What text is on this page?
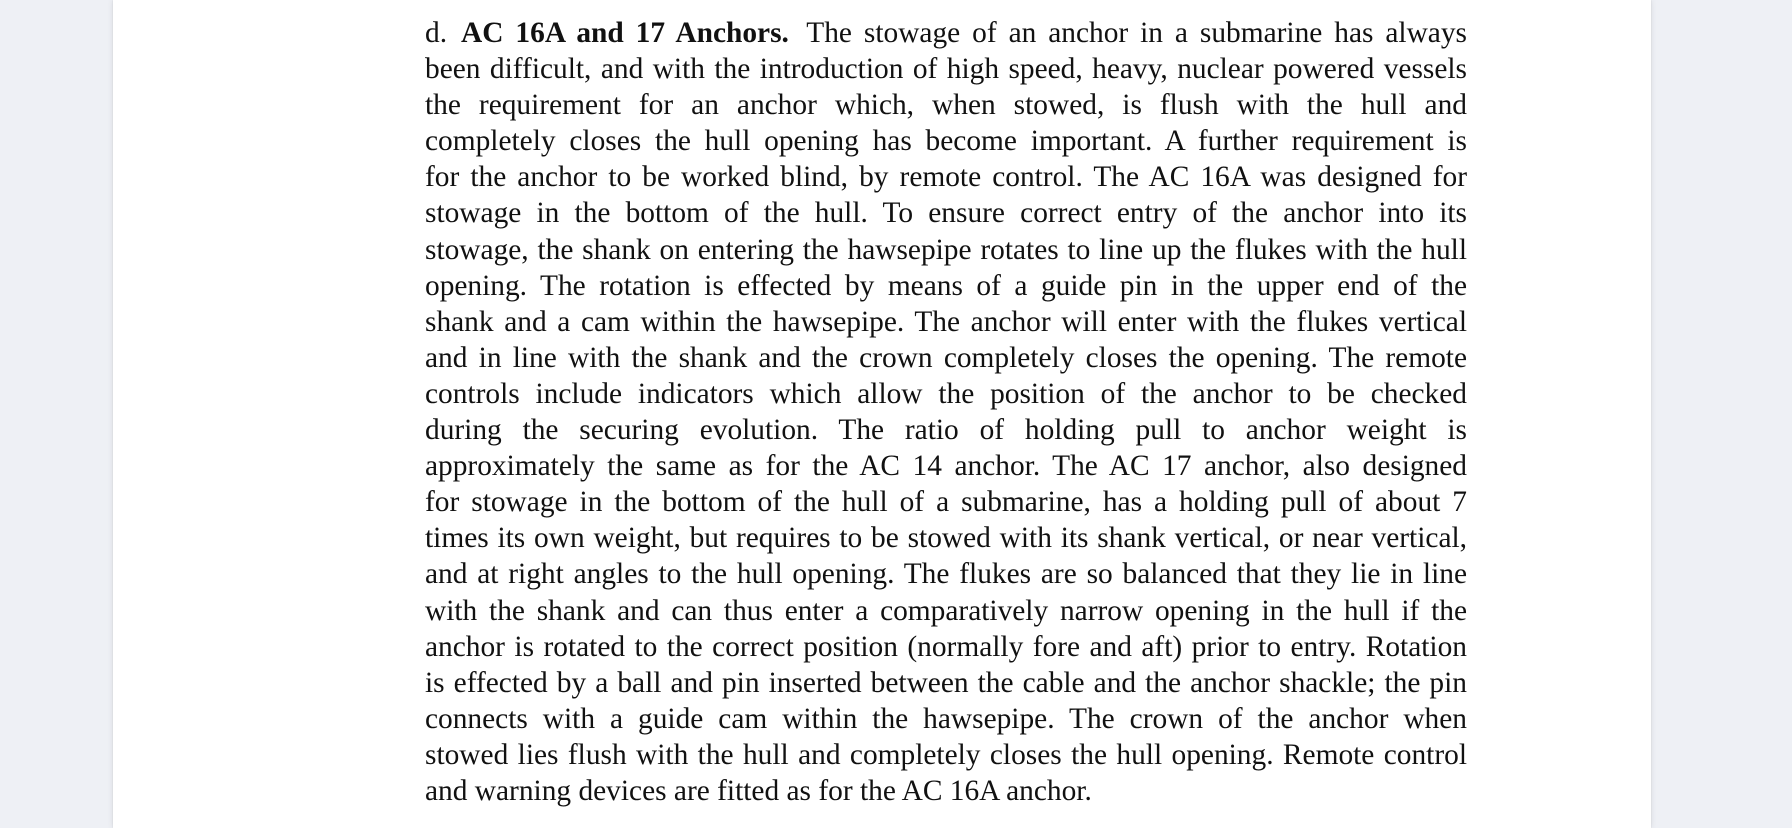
d. AC 16A and 17 Anchors. The stowage of an anchor in a submarine has always
been difficult, and with the introduction of high speed, heavy, nuclear powered vessels
the requirement for an anchor which, when stowed, is flush with the hull and
completely closes the hull opening has become important. A further requirement is
for the anchor to be worked blind, by remote control. The AC 16A was designed for
stowage in the bottom of the hull. To ensure correct entry of the anchor into its
stowage, the shank on entering the hawsepipe rotates to line up the flukes with the hull
opening. The rotation is effected by means of a guide pin in the upper end of the
shank and a cam within the hawsepipe. The anchor will enter with the flukes vertical
and in line with the shank and the crown completely closes the opening. The remote
controls include indicators which allow the position of the anchor to be checked
during the securing evolution. The ratio of holding pull to anchor weight is
approximately the same as for the AC 14 anchor. The AC 17 anchor, also designed
for stowage in the bottom of the hull of a submarine, has a holding pull of about 7
times its own weight, but requires to be stowed with its shank vertical, or near vertical,
and at right angles to the hull opening. The flukes are so balanced that they lie in line
with the shank and can thus enter a comparatively narrow opening in the hull if the
anchor is rotated to the correct position (normally fore and aft) prior to entry. Rotation
is effected by a ball and pin inserted between the cable and the anchor shackle; the pin
connects with a guide cam within the hawsepipe. The crown of the anchor when
stowed lies flush with the hull and completely closes the hull opening. Remote control
and warning devices are fitted as for the AC 16A anchor.
